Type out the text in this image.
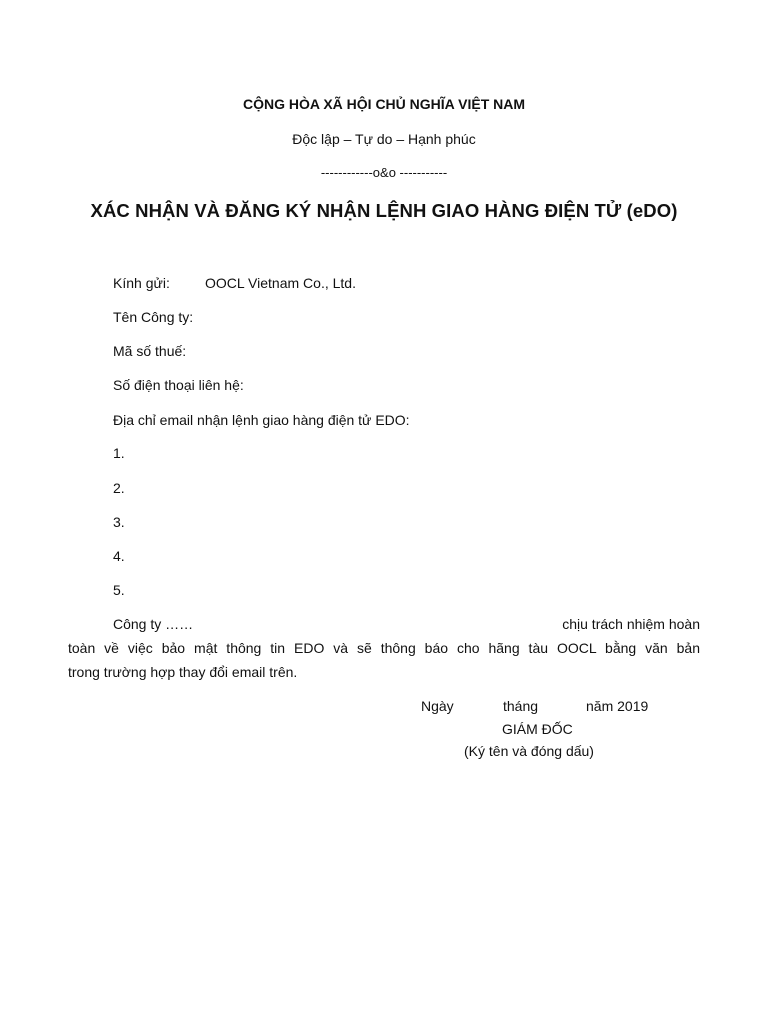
CỘNG HÒA XÃ HỘI CHỦ NGHĨA VIỆT NAM
Độc lập – Tự do – Hạnh phúc
------------o&o -----------
XÁC NHẬN VÀ ĐĂNG KÝ NHẬN LỆNH GIAO HÀNG ĐIỆN TỬ (eDO)
Kính gửi:	OOCL Vietnam Co., Ltd.
Tên Công ty:
Mã số thuế:
Số điện thoại liên hệ:
Địa chỉ email nhận lệnh giao hàng điện tử EDO:
1.
2.
3.
4.
5.
Công ty ……	chịu trách nhiệm hoàn
toàn về việc bảo mật thông tin EDO và sẽ thông báo cho hãng tàu OOCL bằng văn bản
trong trường hợp thay đổi email trên.
Ngày	tháng	năm 2019
GIÁM ĐỐC
(Ký tên và đóng dấu)
